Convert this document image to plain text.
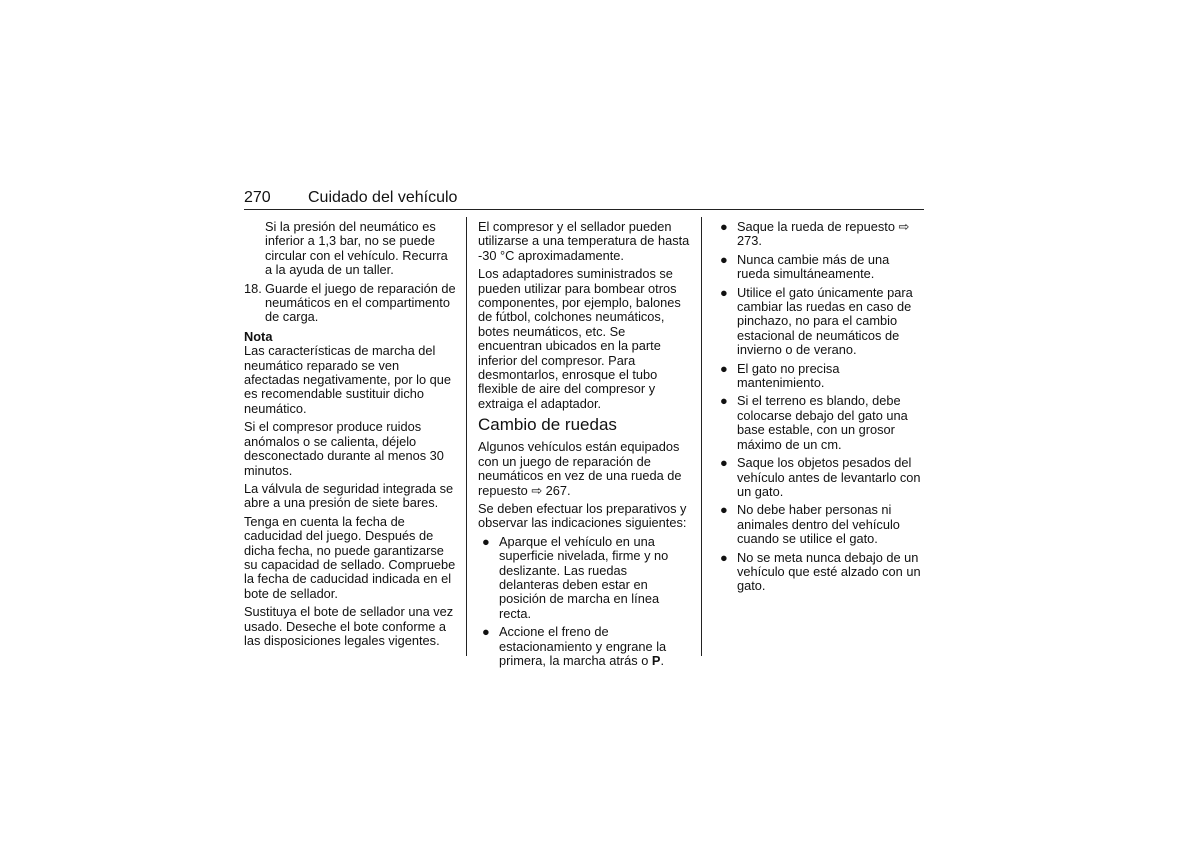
270 Cuidado del vehículo

Si la presión del neumático es inferior a 1,3 bar, no se puede circular con el vehículo. Recurra a la ayuda de un taller.

18. Guarde el juego de reparación de neumáticos en el compartimento de carga.

Nota

Las características de marcha del neumático reparado se ven afectadas negativamente, por lo que es recomendable sustituir dicho neumático.

Si el compresor produce ruidos anómalos o se calienta, déjelo desconectado durante al menos 30 minutos.

La válvula de seguridad integrada se abre a una presión de siete bares.

Tenga en cuenta la fecha de caducidad del juego. Después de dicha fecha, no puede garantizarse su capacidad de sellado. Compruebe la fecha de caducidad indicada en el bote de sellador.

Sustituya el bote de sellador una vez usado. Deseche el bote conforme a las disposiciones legales vigentes.

El compresor y el sellador pueden utilizarse a una temperatura de hasta -30 °C aproximadamente.

Los adaptadores suministrados se pueden utilizar para bombear otros componentes, por ejemplo, balones de fútbol, colchones neumáticos, botes neumáticos, etc. Se encuentran ubicados en la parte inferior del compresor. Para desmontarlos, enrosque el tubo flexible de aire del compresor y extraiga el adaptador.

Cambio de ruedas

Algunos vehículos están equipados con un juego de reparación de neumáticos en vez de una rueda de repuesto ⇨ 267.

Se deben efectuar los preparativos y observar las indicaciones siguientes:

● Aparque el vehículo en una superficie nivelada, firme y no deslizante. Las ruedas delanteras deben estar en posición de marcha en línea recta.
● Accione el freno de estacionamiento y engrane la primera, la marcha atrás o P.
● Saque la rueda de repuesto ⇨ 273.
● Nunca cambie más de una rueda simultáneamente.
● Utilice el gato únicamente para cambiar las ruedas en caso de pinchazo, no para el cambio estacional de neumáticos de invierno o de verano.
● El gato no precisa mantenimiento.
● Si el terreno es blando, debe colocarse debajo del gato una base estable, con un grosor máximo de un cm.
● Saque los objetos pesados del vehículo antes de levantarlo con un gato.
● No debe haber personas ni animales dentro del vehículo cuando se utilice el gato.
● No se meta nunca debajo de un vehículo que esté alzado con un gato.
